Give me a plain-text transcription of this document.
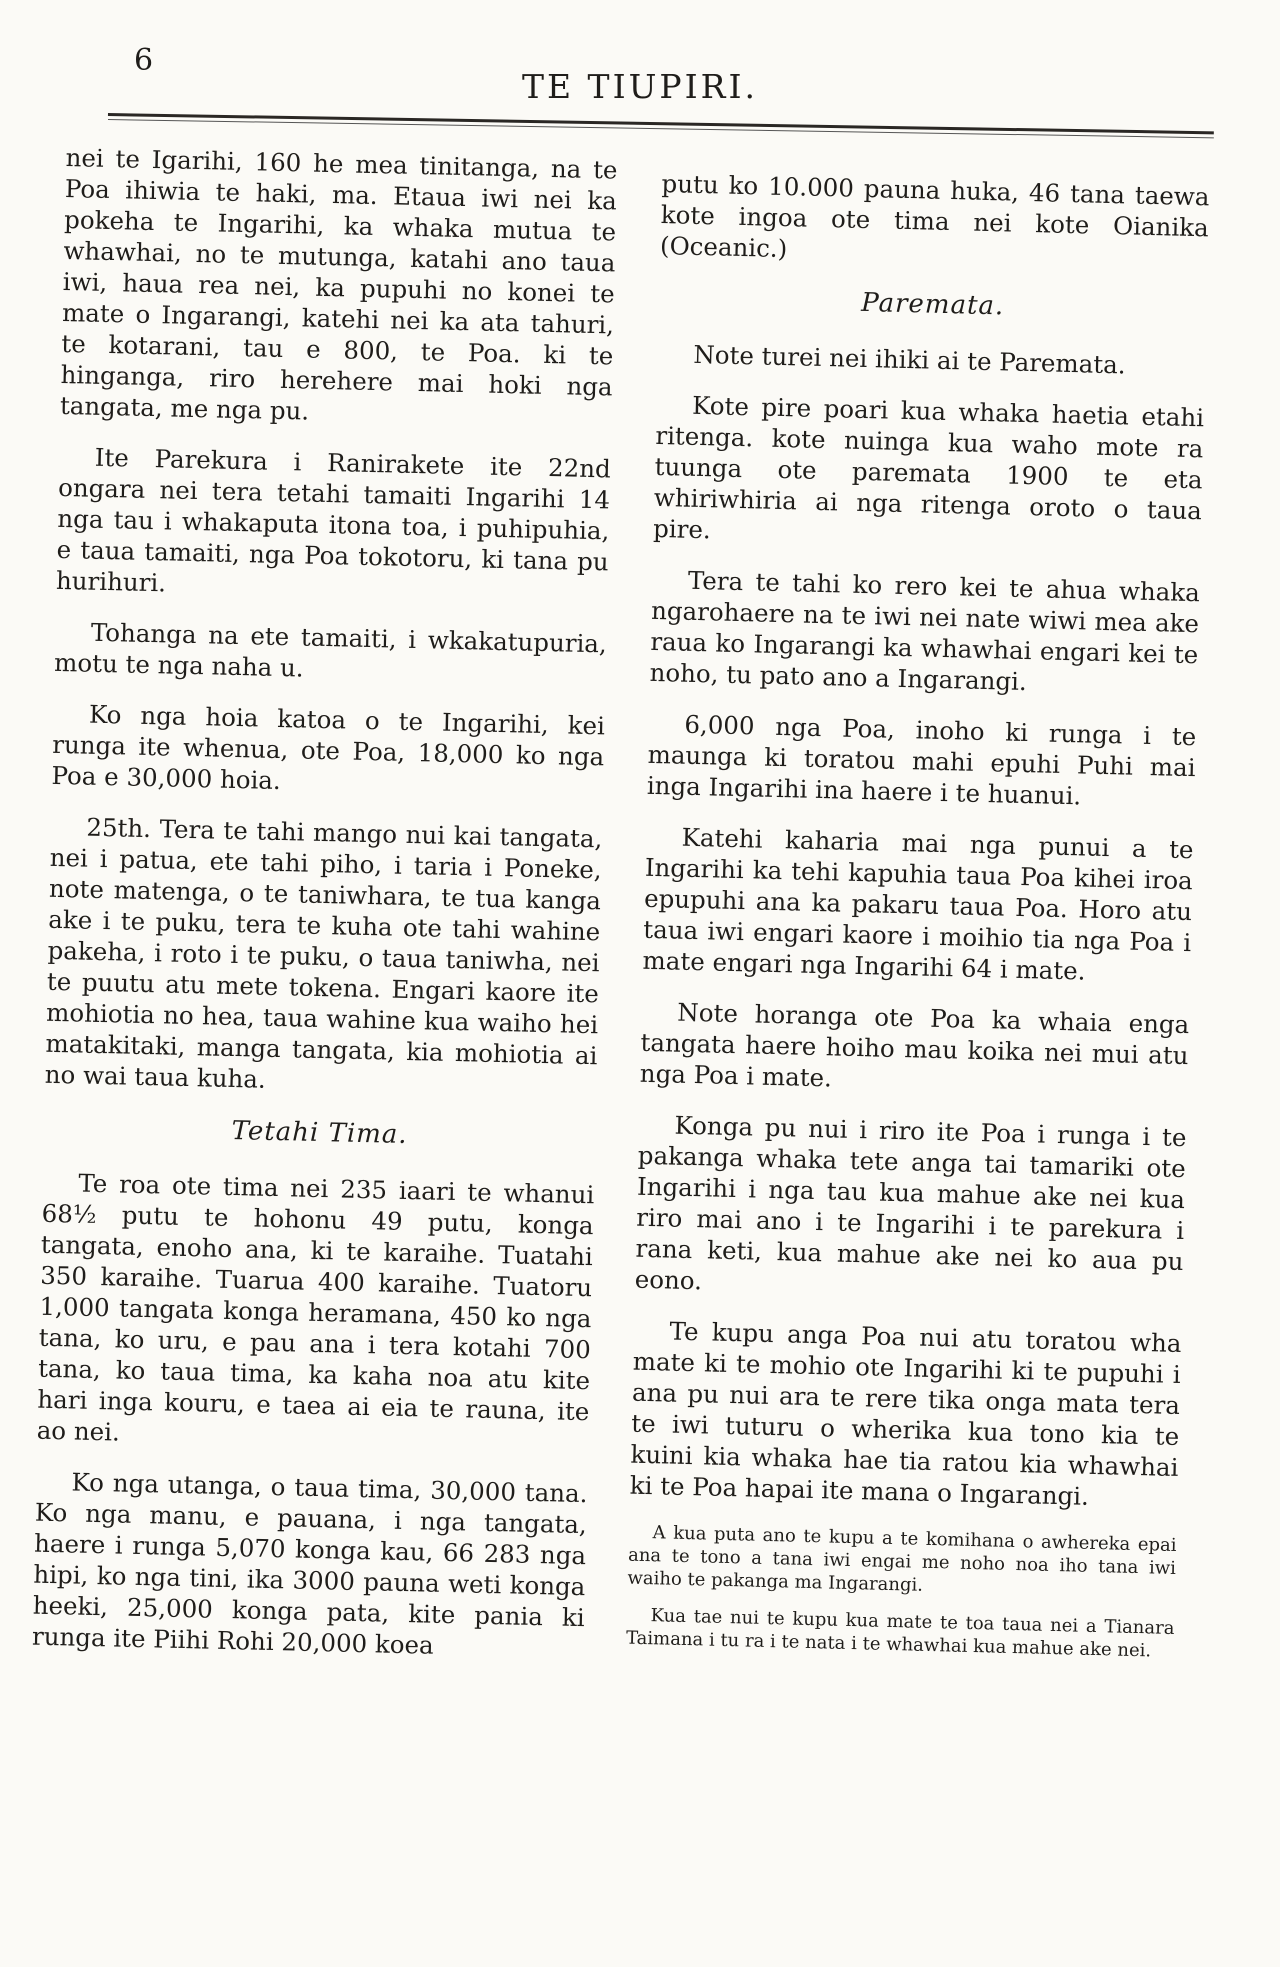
6
TE TIUPIRI.

nei te Igarihi, 160 he mea tinitanga, na te Poa ihiwia te haki, ma. Etaua iwi nei ka pokeha te Ingarihi, ka whaka mutua te whawhai, no te mutunga, katahi ano taua iwi, haua rea nei, ka pupuhi no konei te mate o Ingarangi, katehi nei ka ata tahuri, te kotarani, tau e 800, te Poa. ki te hinganga, riro herehere mai hoki nga tangata, me nga pu.

Ite Parekura i Ranirakete ite 22nd ongara nei tera tetahi tamaiti Ingarihi 14 nga tau i whakaputa itona toa, i puhipuhia, e taua tamaiti, nga Poa tokotoru, ki tana pu hurihuri.

Tohanga na ete tamaiti, i wkakatupuria, motu te nga naha u.

Ko nga hoia katoa o te Ingarihi, kei runga ite whenua, ote Poa, 18,000 ko nga Poa e 30,000 hoia.

25th. Tera te tahi mango nui kai tangata, nei i patua, ete tahi piho, i taria i Poneke, note matenga, o te taniwhara, te tua kanga ake i te puku, tera te kuha ote tahi wahine pakeha, i roto i te puku, o taua taniwha, nei te puutu atu mete tokena. Engari kaore ite mohiotia no hea, taua wahine kua waiho hei matakitaki, manga tangata, kia mohiotia ai no wai taua kuha.

Tetahi Tima.

Te roa ote tima nei 235 iaari te whanui 68½ putu te hohonu 49 putu, konga tangata, enoho ana, ki te karaihe. Tuatahi 350 karaihe. Tuarua 400 karaihe. Tuatoru 1,000 tangata konga heramana, 450 ko nga tana, ko uru, e pau ana i tera kotahi 700 tana, ko taua tima, ka kaha noa atu kite hari inga kouru, e taea ai eia te rauna, ite ao nei.

Ko nga utanga, o taua tima, 30,000 tana. Ko nga manu, e pauana, i nga tangata, haere i runga 5,070 konga kau, 66 283 nga hipi, ko nga tini, ika 3000 pauna weti konga heeki, 25,000 konga pata, kite pania ki runga ite Piihi Rohi 20,000 koea

putu ko 10.000 pauna huka, 46 tana taewa kote ingoa ote tima nei kote Oianika (Oceanic.)

Paremata.

Note turei nei ihiki ai te Paremata.

Kote pire poari kua whaka haetia etahi ritenga. kote nuinga kua waho mote ra tuunga ote paremata 1900 te eta whiriwhiria ai nga ritenga oroto o taua pire.

Tera te tahi ko rero kei te ahua whaka ngarohaere na te iwi nei nate wiwi mea ake raua ko Ingarangi ka whawhai engari kei te noho, tu pato ano a Ingarangi.

6,000 nga Poa, inoho ki runga i te maunga ki toratou mahi epuhi Puhi mai inga Ingarihi ina haere i te huanui.

Katehi kaharia mai nga punui a te Ingarihi ka tehi kapuhia taua Poa kihei iroa epupuhi ana ka pakaru taua Poa. Horo atu taua iwi engari kaore i moihio tia nga Poa i mate engari nga Ingarihi 64 i mate.

Note horanga ote Poa ka whaia enga tangata haere hoiho mau koika nei mui atu nga Poa i mate.

Konga pu nui i riro ite Poa i runga i te pakanga whaka tete anga tai tamariki ote Ingarihi i nga tau kua mahue ake nei kua riro mai ano i te Ingarihi i te parekura i rana keti, kua mahue ake nei ko aua pu eono.

Te kupu anga Poa nui atu toratou wha mate ki te mohio ote Ingarihi ki te pupuhi i ana pu nui ara te rere tika onga mata tera te iwi tuturu o wherika kua tono kia te kuini kia whaka hae tia ratou kia whawhai ki te Poa hapai ite mana o Ingarangi.

A kua puta ano te kupu a te komihana o awhereka epai ana te tono a tana iwi engai me noho noa iho tana iwi waiho te pakanga ma Ingarangi.

Kua tae nui te kupu kua mate te toa taua nei a Tianara Taimana i tu ra i te nata i te whawhai kua mahue ake nei.
